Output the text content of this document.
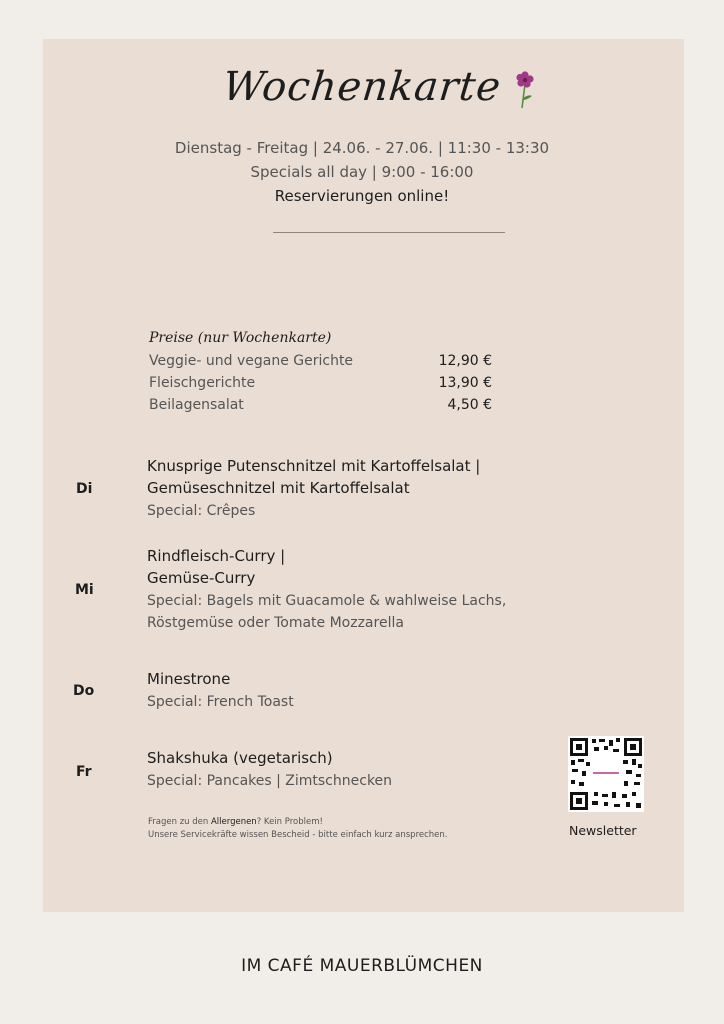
Wochenkarte
Dienstag - Freitag | 24.06. - 27.06. | 11:30 - 13:30
Specials all day | 9:00 - 16:00
Reservierungen online!
Preise (nur Wochenkarte)
Veggie- und vegane Gerichte	12,90 €
Fleischgerichte	13,90 €
Beilagensalat	4,50 €
Di
Knusprige Putenschnitzel mit Kartoffelsalat |
Gemüseschnitzel mit Kartoffelsalat
Special: Crêpes
Mi
Rindfleisch-Curry |
Gemüse-Curry
Special: Bagels mit Guacamole & wahlweise Lachs,
Röstgemüse oder Tomate Mozzarella
Do
Minestrone
Special: French Toast
Fr
Shakshuka (vegetarisch)
Special: Pancakes | Zimtschnecken
Fragen zu den Allergenen? Kein Problem!
Unsere Servicekräfte wissen Bescheid - bitte einfach kurz ansprechen.	Newsletter
IM CAFÉ MAUERBLÜMCHEN
